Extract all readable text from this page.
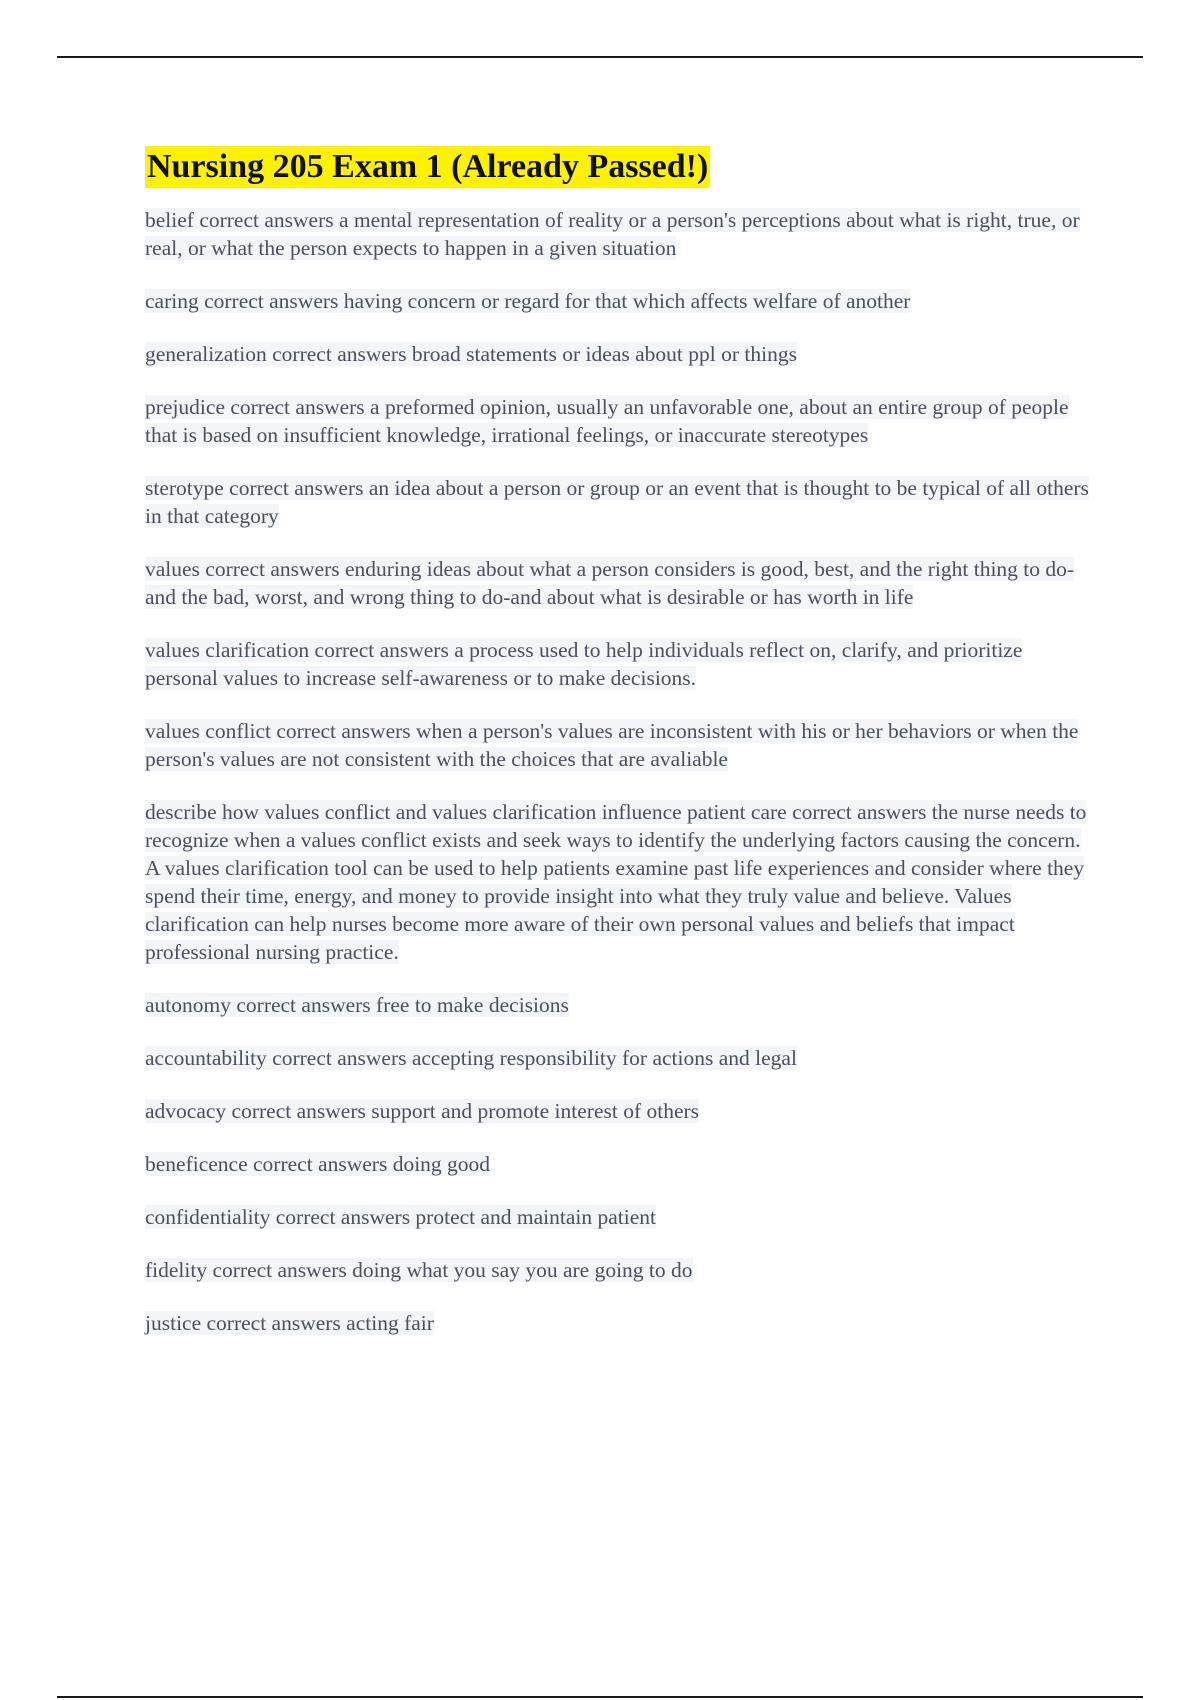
Nursing 205 Exam 1 (Already Passed!)

belief correct answers a mental representation of reality or a person's perceptions about what is right, true, or real, or what the person expects to happen in a given situation

caring correct answers having concern or regard for that which affects welfare of another

generalization correct answers broad statements or ideas about ppl or things

prejudice correct answers a preformed opinion, usually an unfavorable one, about an entire group of people that is based on insufficient knowledge, irrational feelings, or inaccurate stereotypes

sterotype correct answers an idea about a person or group or an event that is thought to be typical of all others in that category

values correct answers enduring ideas about what a person considers is good, best, and the right thing to do-and the bad, worst, and wrong thing to do-and about what is desirable or has worth in life

values clarification correct answers a process used to help individuals reflect on, clarify, and prioritize personal values to increase self-awareness or to make decisions.

values conflict correct answers when a person's values are inconsistent with his or her behaviors or when the person's values are not consistent with the choices that are avaliable

describe how values conflict and values clarification influence patient care correct answers the nurse needs to recognize when a values conflict exists and seek ways to identify the underlying factors causing the concern. A values clarification tool can be used to help patients examine past life experiences and consider where they spend their time, energy, and money to provide insight into what they truly value and believe. Values clarification can help nurses become more aware of their own personal values and beliefs that impact professional nursing practice.

autonomy correct answers free to make decisions

accountability correct answers accepting responsibility for actions and legal

advocacy correct answers support and promote interest of others

beneficence correct answers doing good

confidentiality correct answers protect and maintain patient

fidelity correct answers doing what you say you are going to do

justice correct answers acting fair
